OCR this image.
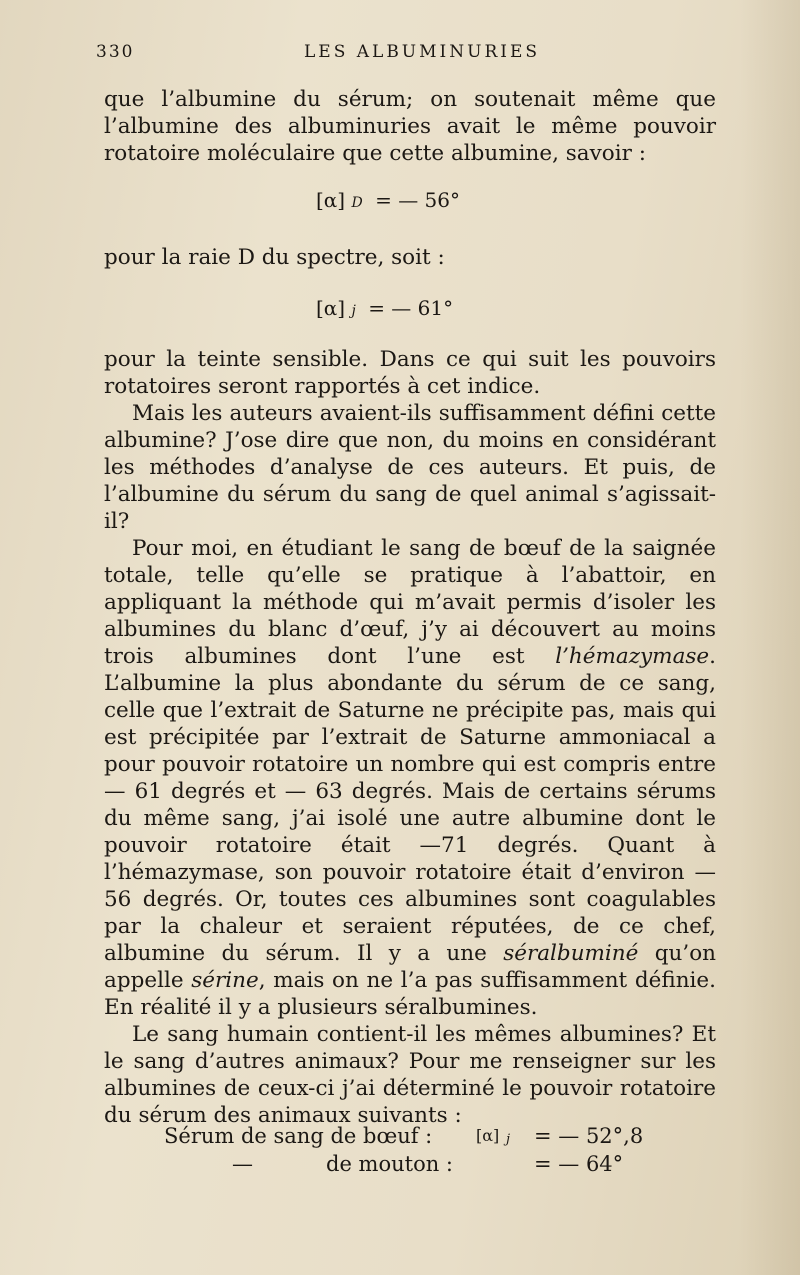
330	LES ALBUMINURIES

que l’albumine du sérum; on soutenait même que l’albumine des albuminuries avait le même pouvoir rotatoire moléculaire que cette albumine, savoir :

[α] D = — 56°

pour la raie D du spectre, soit :

[α] j = — 61°

pour la teinte sensible. Dans ce qui suit les pouvoirs rotatoires seront rapportés à cet indice.

Mais les auteurs avaient-ils suffisamment défini cette albumine? J’ose dire que non, du moins en considérant les méthodes d’analyse de ces auteurs. Et puis, de l’albumine du sérum du sang de quel animal s’agissait-il?

Pour moi, en étudiant le sang de bœuf de la saignée totale, telle qu’elle se pratique à l’abattoir, en appliquant la méthode qui m’avait permis d’isoler les albumines du blanc d’œuf, j’y ai découvert au moins trois albumines dont l’une est l’hémazymase. L’albumine la plus abondante du sérum de ce sang, celle que l’extrait de Saturne ne précipite pas, mais qui est précipitée par l’extrait de Saturne ammoniacal a pour pouvoir rotatoire un nombre qui est compris entre — 61 degrés et — 63 degrés. Mais de certains sérums du même sang, j’ai isolé une autre albumine dont le pouvoir rotatoire était —71 degrés. Quant à l’hémazymase, son pouvoir rotatoire était d’environ — 56 degrés. Or, toutes ces albumines sont coagulables par la chaleur et seraient réputées, de ce chef, albumine du sérum. Il y a une séralbuminé qu’on appelle sérine, mais on ne l’a pas suffisamment définie. En réalité il y a plusieurs séralbumines.

Le sang humain contient-il les mêmes albumines? Et le sang d’autres animaux? Pour me renseigner sur les albumines de ceux-ci j’ai déterminé le pouvoir rotatoire du sérum des animaux suivants :

Sérum de sang de bœuf :	[α] j = — 52°,8
—	de mouton :	= — 64°
